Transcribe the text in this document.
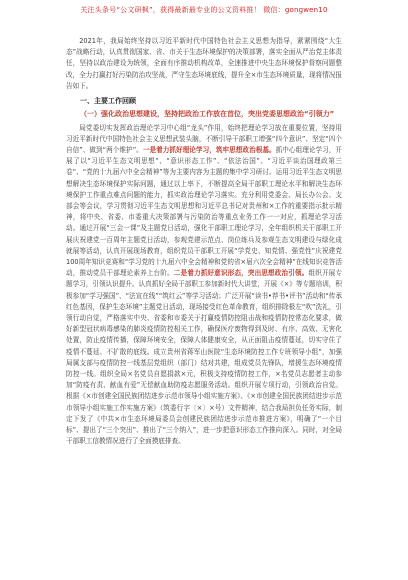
关注头条号“公文研枫”，获得最新最专业的公文资料推！ 微信：gongwen10

2021年，我局始终坚持以习近平新时代中国特色社会主义思想为指导，紧紧围绕“大生态”战略行动，认真贯彻国家、省、市关于生态环境保护的决策部署，落实全面从严治党主体责任，坚持以政治建设为统领，全面有序推动机构改革，全速推进中央生态环境保护督察问题整改，全力打赢打好污染防治攻坚战，严守生态环境底线，提升全×市生态环境质量，现将情况报告如下。

一、主要工作回顾
（一）强化政治思想建设，坚持把政治工作放在首位，突出党委思想政治“引领力”

局党委切实发挥政治理论学习中心组“龙头”作用，始终把理论学习放在重要位置，坚持用习近平新时代中国特色社会主义思想武装头脑，不断引导干部职工增强“四个意识”、坚定“四个自信”、做到“两个维护”。一是着力抓好理论学习，筑牢思想政治根基。抓中心组理论学习，开展了以“习近平生态文明思想”、“意识形态工作”、“依法治国”、“习近平谈治国理政第三卷”、“党的十九届六中全会精神”等为主要内容为主题的集中学习研讨。运用习近平生态文明思想解决生态环境保护实际问题，通过以上率下，不断提高全局干部职工理论水平和解决生态环境保护工作重点难点问题的能力，抓实政治理论学习落实。充分利用党委会、局长办公会、支部会等会议，学习贯彻习近平生态文明思想和习近平总书记对贵州和×工作的重要指示批示精神，将中央、省委、市委重大决策部署与污染防治等重点业务工作一一对应，抓理论学习活动。通过开展“三会一课”及主题党日活动，强化干部职工理论学习，全年组织机关干部职工开展庆祝建党一百周年主题党日活动，参观党建示范点、岗位练兵及参观生态文明建设与绿化成就展等活动，认真开展现场教育，组织党员干部职工开展“学党史、知党情、强党性”庆祝建党100周年知识竞赛和“学习党的十九届六中全会精神和党的省×届六次全会精神”在线知识竞答活动，推动党员干部理论素养上台阶。二是着力抓好意识形态，突出思想政治引领。组织开展专题学习，引领认识提升。认真抓好全局干部职工参加新时代大讲堂，开展《×》等专题培训，积极参加“学习强国”、“法宣在线”“筑红云”等学习活动；广泛开展“读书•荐书•评书”活动和“传承红色基因，保护生态环境”主题党日活动，现场接受红色革命教育，组织排除极左“吹”洗礼，引领行动自觉，严格落实中央、省委和市委关于打赢疫情防控阻击战和疫情防控常态化要求，做好新型冠状病毒感染的肺炎疫情防控相关工作，确保医疗废物得到及时、有序、高效、无害化处置，防止疫情传播，保障环境安全，保障人体健康安全，从正面阻击疫情蔓延，切实守住了疫情不蔓延、不扩散的底线。成立贵州省蒋军山医院“生态环境防控工作专班领导小组”，加强局属支部与疫情防控一线基层党组织（部门）结对共建，组成党员先锋队，增援生态环境疫情防控一线。组织全局×名党员自愿捐款×元，积极支持疫情防控工作，×名党员志愿者主动参加“防疫有责、献血有爱”无偿献血助防疫志愿服务活动。组织开展专项行动，引领政治自觉。根据《×市创建全国民族团结进步示范市领导小组实施方案》、《×市创建全国民族团结进步示范市领导小组实施工作实施方案》（筑委行字〔×〕×号）文件精神，结合我局担负任务实际，制定下发了《中共×市生态环境局委员会创建民族团结进步示范市推进方案》，明确了“一个目标”、提出了“三个突出”、推出了“三个纳入”，进一步把意识形态工作推向深入。同时，对全局干部职工信教情况进行了全面摸底排查。
